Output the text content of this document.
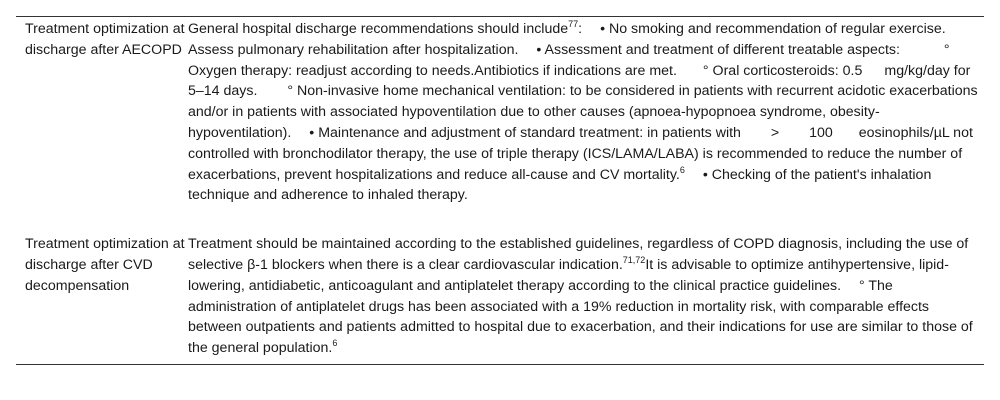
Treatment optimization at discharge after AECOPD
General hospital discharge recommendations should include$^{77}$: • No smoking and recommendation of regular exercise. Assess pulmonary rehabilitation after hospitalization. • Assessment and treatment of different treatable aspects:	° Oxygen therapy: readjust according to needs.Antibiotics if indications are met. ° Oral corticosteroids: 0.5 mg/kg/day for 5–14 days. ° Non-invasive home mechanical ventilation: to be considered in patients with recurrent acidotic exacerbations and/or in patients with associated hypoventilation due to other causes (apnoea-hypopnoea syndrome, obesity-hypoventilation). • Maintenance and adjustment of standard treatment: in patients with > 100 eosinophils/µL not controlled with bronchodilator therapy, the use of triple therapy (ICS/LAMA/LABA) is recommended to reduce the number of exacerbations, prevent hospitalizations and reduce all-cause and CV mortality.$^6$ • Checking of the patient's inhalation technique and adherence to inhaled therapy.
Treatment optimization at discharge after CVD decompensation
Treatment should be maintained according to the established guidelines, regardless of COPD diagnosis, including the use of selective β-1 blockers when there is a clear cardiovascular indication.$^{71,72}$It is advisable to optimize antihypertensive, lipid-lowering, antidiabetic, anticoagulant and antiplatelet therapy according to the clinical practice guidelines. ° The administration of antiplatelet drugs has been associated with a 19% reduction in mortality risk, with comparable effects between outpatients and patients admitted to hospital due to exacerbation, and their indications for use are similar to those of the general population.$^6$
